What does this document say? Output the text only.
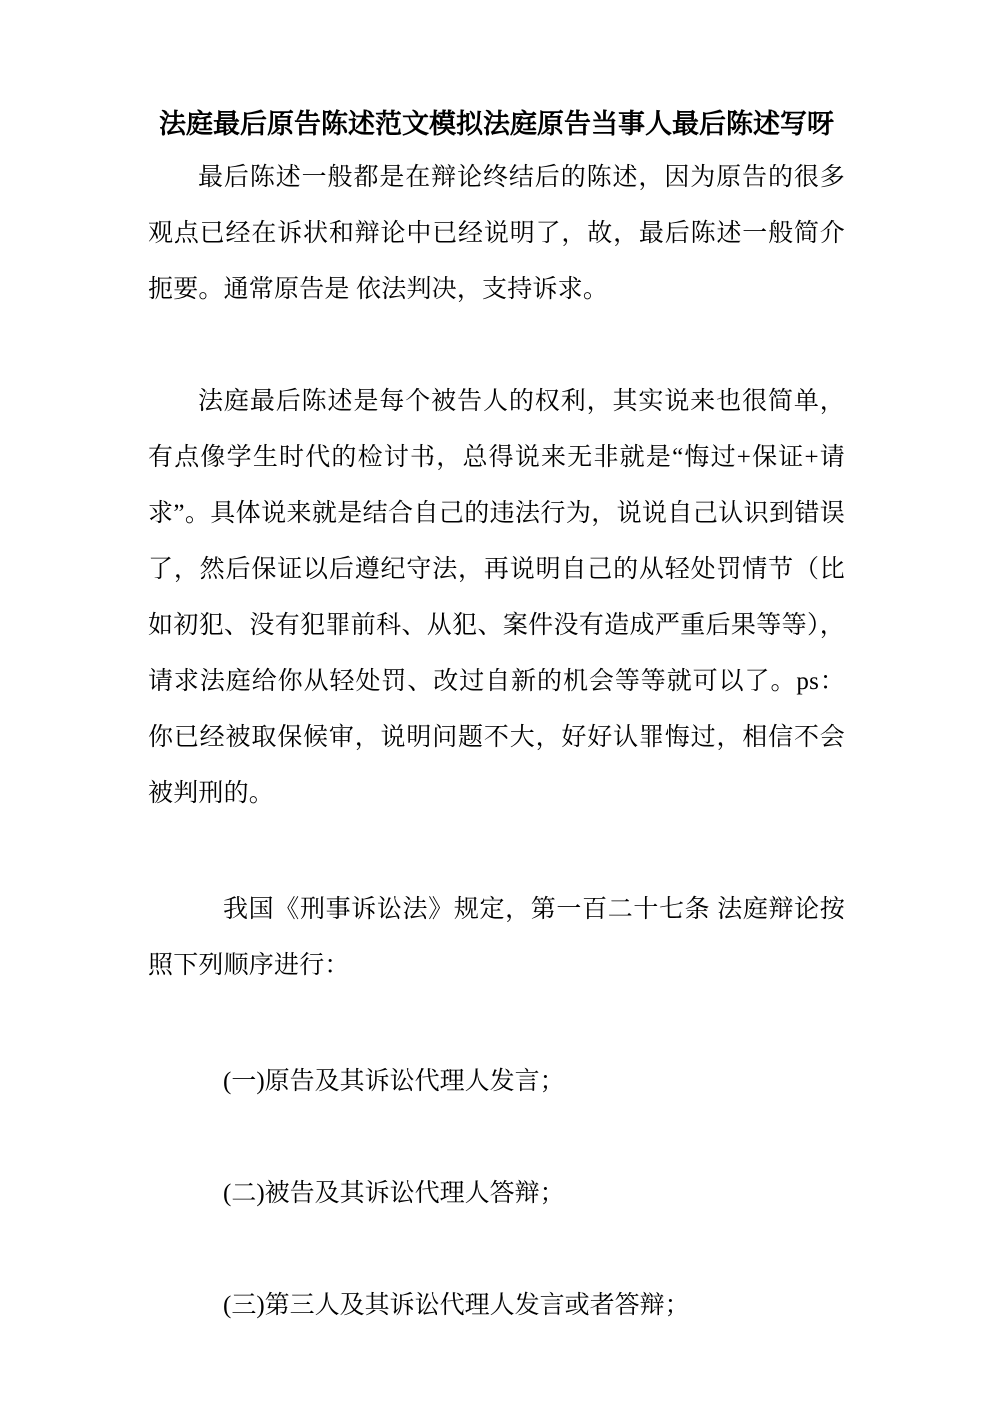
法庭最后原告陈述范文模拟法庭原告当事人最后陈述写呀

最后陈述一般都是在辩论终结后的陈述，因为原告的很多观点已经在诉状和辩论中已经说明了，故，最后陈述一般简介扼要。通常原告是 依法判决，支持诉求。

法庭最后陈述是每个被告人的权利，其实说来也很简单，有点像学生时代的检讨书，总得说来无非就是“悔过+保证+请求”。具体说来就是结合自己的违法行为，说说自己认识到错误了，然后保证以后遵纪守法，再说明自己的从轻处罚情节（比如初犯、没有犯罪前科、从犯、案件没有造成严重后果等等），请求法庭给你从轻处罚、改过自新的机会等等就可以了。ps：你已经被取保候审，说明问题不大，好好认罪悔过，相信不会被判刑的。

我国《刑事诉讼法》规定，第一百二十七条 法庭辩论按照下列顺序进行：

(一)原告及其诉讼代理人发言；

(二)被告及其诉讼代理人答辩；

(三)第三人及其诉讼代理人发言或者答辩；
